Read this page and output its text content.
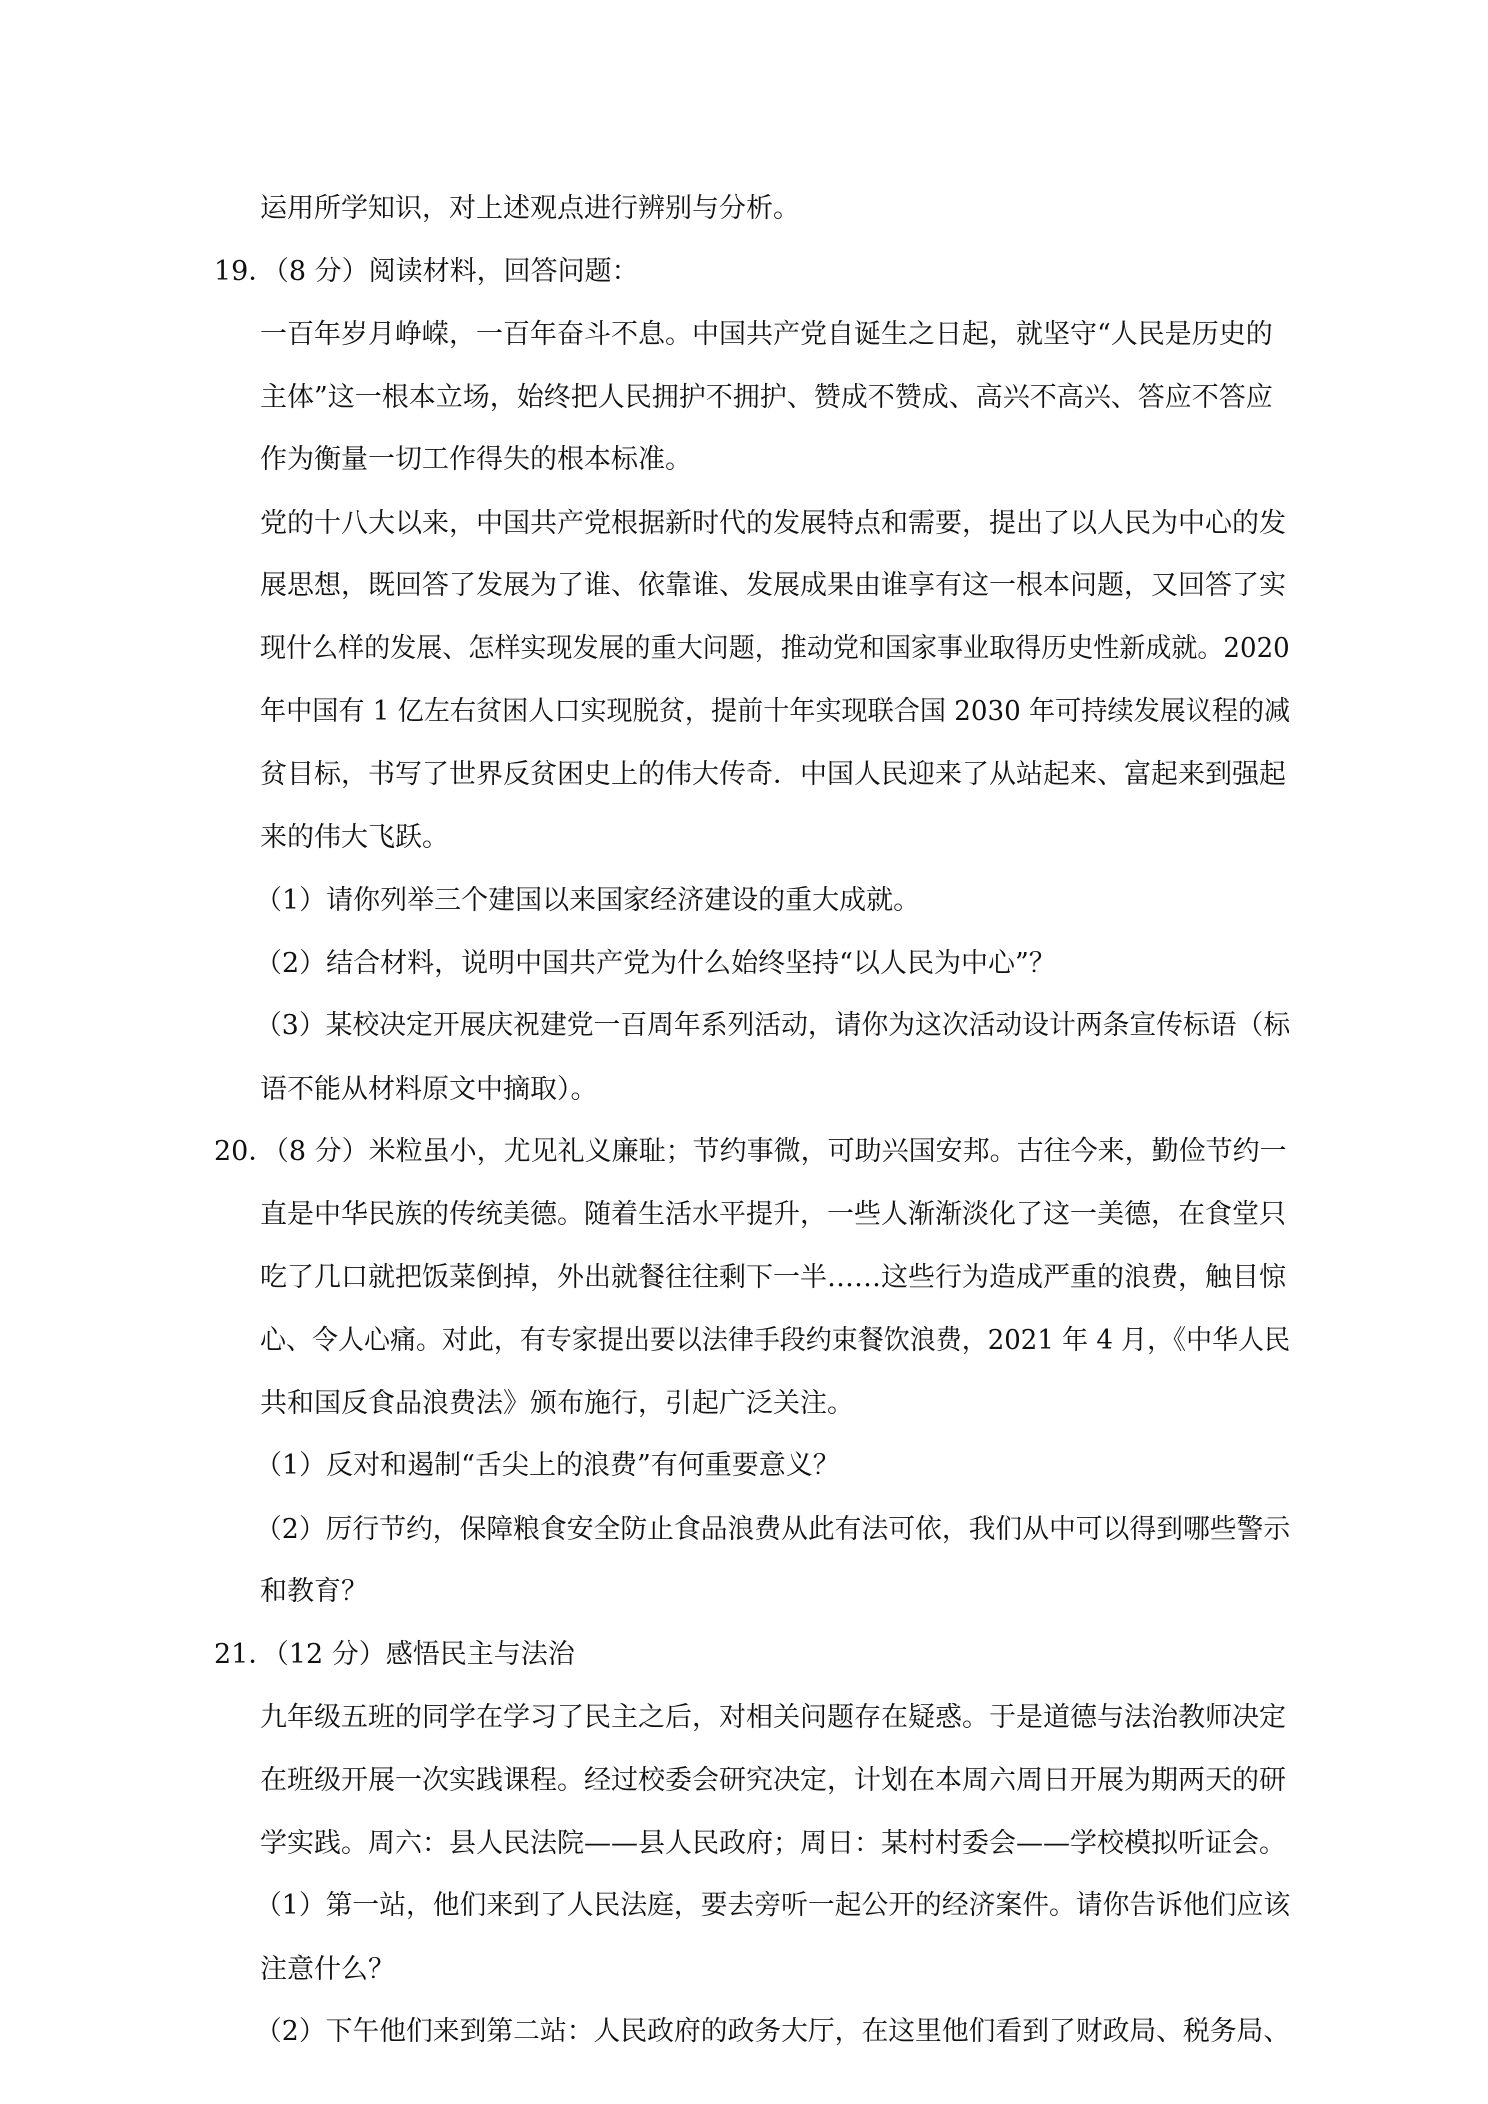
运用所学知识，对上述观点进行辨别与分析。
19．（8 分）阅读材料，回答问题：
一百年岁月峥嵘，一百年奋斗不息。中国共产党自诞生之日起，就坚守“人民是历史的
主体”这一根本立场，始终把人民拥护不拥护、赞成不赞成、高兴不高兴、答应不答应
作为衡量一切工作得失的根本标准。
党的十八大以来，中国共产党根据新时代的发展特点和需要，提出了以人民为中心的发
展思想，既回答了发展为了谁、依靠谁、发展成果由谁享有这一根本问题，又回答了实
现什么样的发展、怎样实现发展的重大问题，推动党和国家事业取得历史性新成就。2020
年中国有 1 亿左右贫困人口实现脱贫，提前十年实现联合国 2030 年可持续发展议程的减
贫目标，书写了世界反贫困史上的伟大传奇．中国人民迎来了从站起来、富起来到强起
来的伟大飞跃。
（1）请你列举三个建国以来国家经济建设的重大成就。
（2）结合材料，说明中国共产党为什么始终坚持“以人民为中心”？
（3）某校决定开展庆祝建党一百周年系列活动，请你为这次活动设计两条宣传标语（标
语不能从材料原文中摘取）。
20．（8 分）米粒虽小，尤见礼义廉耻；节约事微，可助兴国安邦。古往今来，勤俭节约一
直是中华民族的传统美德。随着生活水平提升，一些人渐渐淡化了这一美德，在食堂只
吃了几口就把饭菜倒掉，外出就餐往往剩下一半……这些行为造成严重的浪费，触目惊
心、令人心痛。对此，有专家提出要以法律手段约束餐饮浪费，2021 年 4 月，《中华人民
共和国反食品浪费法》颁布施行，引起广泛关注。
（1）反对和遏制“舌尖上的浪费”有何重要意义？
（2）厉行节约，保障粮食安全防止食品浪费从此有法可依，我们从中可以得到哪些警示
和教育？
21．（12 分）感悟民主与法治
九年级五班的同学在学习了民主之后，对相关问题存在疑惑。于是道德与法治教师决定
在班级开展一次实践课程。经过校委会研究决定，计划在本周六周日开展为期两天的研
学实践。周六：县人民法院——县人民政府；周日：某村村委会——学校模拟听证会。
（1）第一站，他们来到了人民法庭，要去旁听一起公开的经济案件。请你告诉他们应该
注意什么？
（2）下午他们来到第二站：人民政府的政务大厅，在这里他们看到了财政局、税务局、
